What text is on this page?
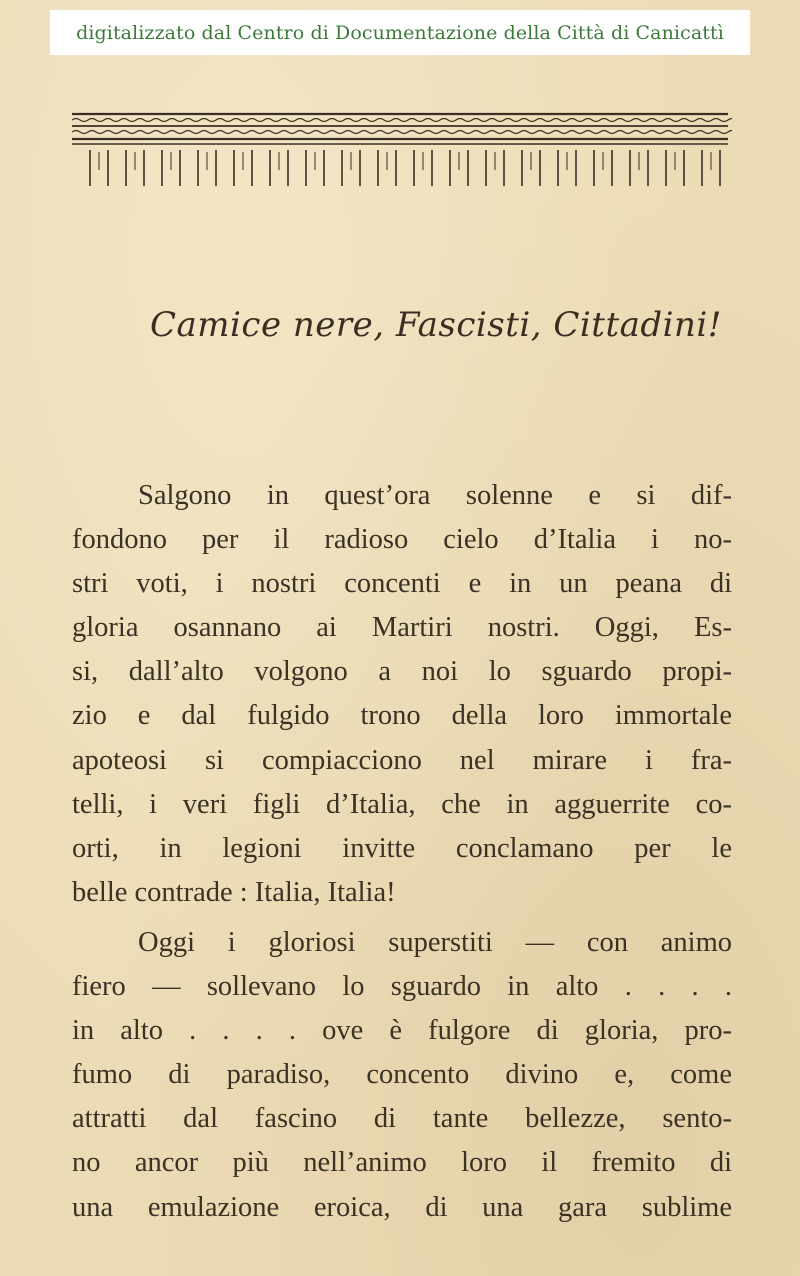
digitalizzato dal Centro di Documentazione della Città di Canicattì
Camice nere, Fascisti, Cittadini!
Salgono in quest’ora solenne e si dif-
fondono per il radioso cielo d’Italia i no-
stri voti, i nostri concenti e in un peana di
gloria osannano ai Martiri nostri. Oggi, Es-
si, dall’alto volgono a noi lo sguardo propi-
zio e dal fulgido trono della loro immortale
apoteosi si compiacciono nel mirare i fra-
telli, i veri figli d’Italia, che in agguerrite co-
orti, in legioni invitte conclamano per le
belle contrade : Italia, Italia!
Oggi i gloriosi superstiti — con animo
fiero — sollevano lo sguardo in alto . . . .
in alto . . . . ove è fulgore di gloria, pro-
fumo di paradiso, concento divino e, come
attratti dal fascino di tante bellezze, sento-
no ancor più nell’animo loro il fremito di
una emulazione eroica, di una gara sublime
